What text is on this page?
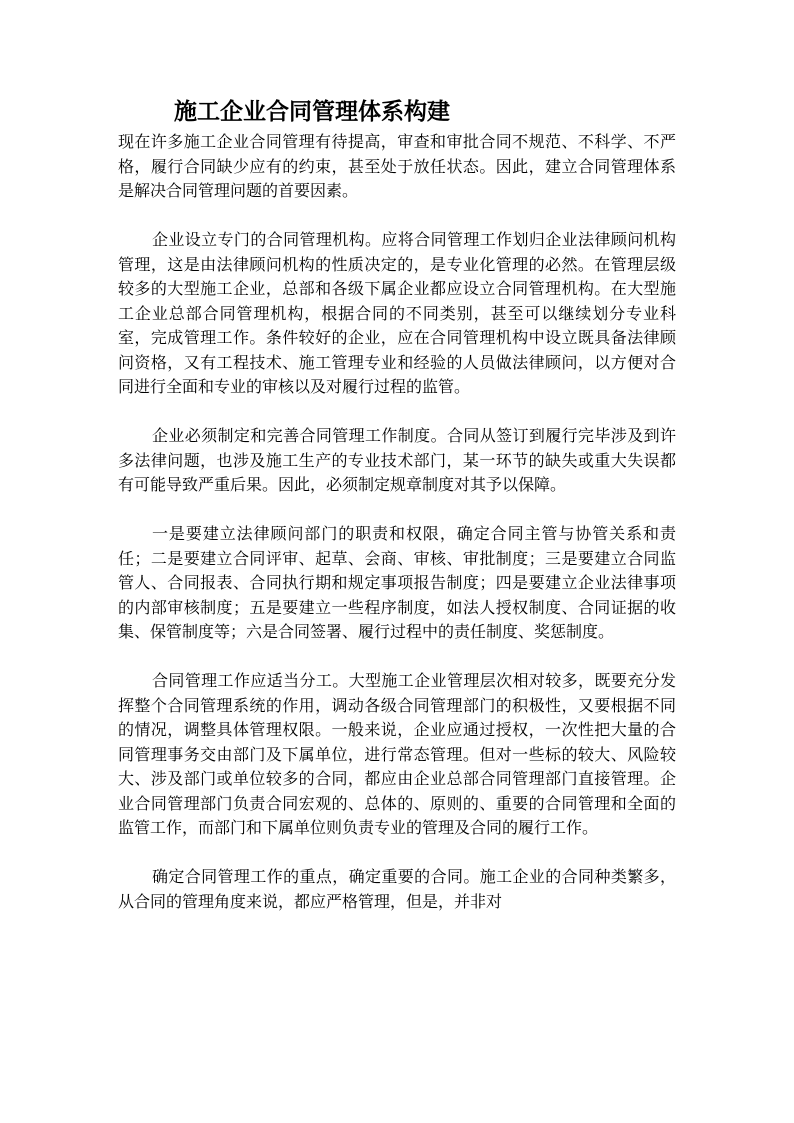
施工企业合同管理体系构建

现在许多施工企业合同管理有待提高，审查和审批合同不规范、不科学、不严格，履行合同缺少应有的约束，甚至处于放任状态。因此，建立合同管理体系是解决合同管理问题的首要因素。

企业设立专门的合同管理机构。应将合同管理工作划归企业法律顾问机构管理，这是由法律顾问机构的性质决定的，是专业化管理的必然。在管理层级较多的大型施工企业，总部和各级下属企业都应设立合同管理机构。在大型施工企业总部合同管理机构，根据合同的不同类别，甚至可以继续划分专业科室，完成管理工作。条件较好的企业，应在合同管理机构中设立既具备法律顾问资格，又有工程技术、施工管理专业和经验的人员做法律顾问，以方便对合同进行全面和专业的审核以及对履行过程的监管。

企业必须制定和完善合同管理工作制度。合同从签订到履行完毕涉及到许多法律问题，也涉及施工生产的专业技术部门，某一环节的缺失或重大失误都有可能导致严重后果。因此，必须制定规章制度对其予以保障。

一是要建立法律顾问部门的职责和权限，确定合同主管与协管关系和责任；二是要建立合同评审、起草、会商、审核、审批制度；三是要建立合同监管人、合同报表、合同执行期和规定事项报告制度；四是要建立企业法律事项的内部审核制度；五是要建立一些程序制度，如法人授权制度、合同证据的收集、保管制度等；六是合同签署、履行过程中的责任制度、奖惩制度。

合同管理工作应适当分工。大型施工企业管理层次相对较多，既要充分发挥整个合同管理系统的作用，调动各级合同管理部门的积极性，又要根据不同的情况，调整具体管理权限。一般来说，企业应通过授权，一次性把大量的合同管理事务交由部门及下属单位，进行常态管理。但对一些标的较大、风险较大、涉及部门或单位较多的合同，都应由企业总部合同管理部门直接管理。企业合同管理部门负责合同宏观的、总体的、原则的、重要的合同管理和全面的监管工作，而部门和下属单位则负责专业的管理及合同的履行工作。

确定合同管理工作的重点，确定重要的合同。施工企业的合同种类繁多，从合同的管理角度来说，都应严格管理，但是，并非对
